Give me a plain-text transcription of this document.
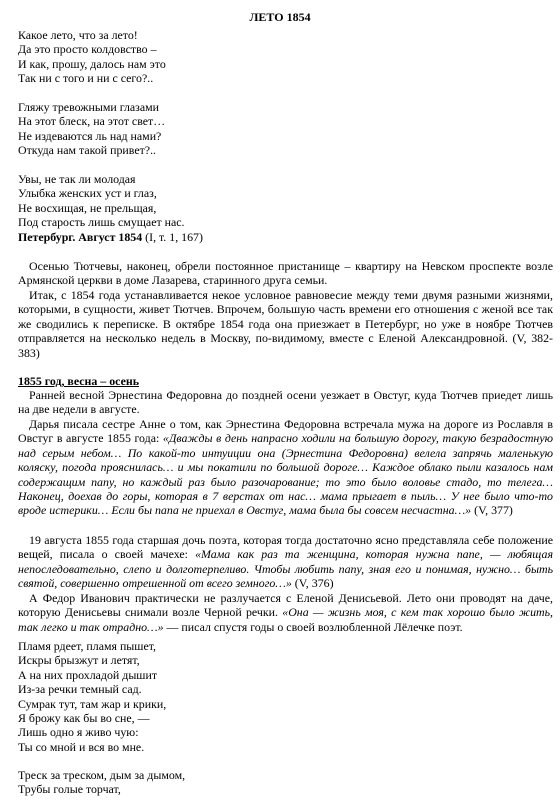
ЛЕТО 1854
Какое лето, что за лето!
Да это просто колдовство –
И как, прошу, далось нам это
Так ни с того и ни с сего?..
Гляжу тревожными глазами
На этот блеск, на этот свет…
Не издеваются ль над нами?
Откуда нам такой привет?..
Увы, не так ли молодая
Улыбка женских уст и глаз,
Не восхищая, не прельщая,
Под старость лишь смущает нас.
Петербург. Август 1854 (I, т. 1, 167)
Осенью Тютчевы, наконец, обрели постоянное пристанище – квартиру на Невском проспекте возле Армянской церкви в доме Лазарева, старинного друга семьи.
Итак, с 1854 года устанавливается некое условное равновесие между теми двумя разными жизнями, которыми, в сущности, живет Тютчев. Впрочем, большую часть времени его отношения с женой все так же сводились к переписке. В октябре 1854 года она приезжает в Петербург, но уже в ноябре Тютчев отправляется на несколько недель в Москву, по-видимому, вместе с Еленой Александровной. (V, 382-383)
1855 год, весна – осень
Ранней весной Эрнестина Федоровна до поздней осени уезжает в Овстуг, куда Тютчев приедет лишь на две недели в августе.
Дарья писала сестре Анне о том, как Эрнестина Федоровна встречала мужа на дороге из Рославля в Овстуг в августе 1855 года: «Дважды в день напрасно ходили на большую дорогу, такую безрадостную над серым небом… По какой-то интуиции она (Эрнестина Федоровна) велела запрячь маленькую коляску, погода прояснилась… и мы покатили по большой дороге… Каждое облако пыли казалось нам содержащим папу, но каждый раз было разочарование; то это было воловье стадо, то телега… Наконец, доехав до горы, которая в 7 верстах от нас… мама прыгает в пыль… У нее было что-то вроде истерики… Если бы папа не приехал в Овстуг, мама была бы совсем несчастна…» (V, 377)
19 августа 1855 года старшая дочь поэта, которая тогда достаточно ясно представляла себе положение вещей, писала о своей мачехе: «Мама как раз та женщина, которая нужна папе, — любящая непоследовательно, слепо и долготерпеливо. Чтобы любить папу, зная его и понимая, нужно… быть святой, совершенно отрешенной от всего земного…» (V, 376)
А Федор Иванович практически не разлучается с Еленой Денисьевой. Лето они проводят на даче, которую Денисьевы снимали возле Черной речки. «Она — жизнь моя, с кем так хорошо было жить, так легко и так отрадно…» — писал спустя годы о своей возлюбленной Лёлечке поэт.
Пламя рдеет, пламя пышет,
Искры брызжут и летят,
А на них прохладой дышит
Из-за речки темный сад.
Сумрак тут, там жар и крики,
Я брожу как бы во сне, —
Лишь одно я живо чую:
Ты со мной и вся во мне.
Треск за треском, дым за дымом,
Трубы голые торчат,
